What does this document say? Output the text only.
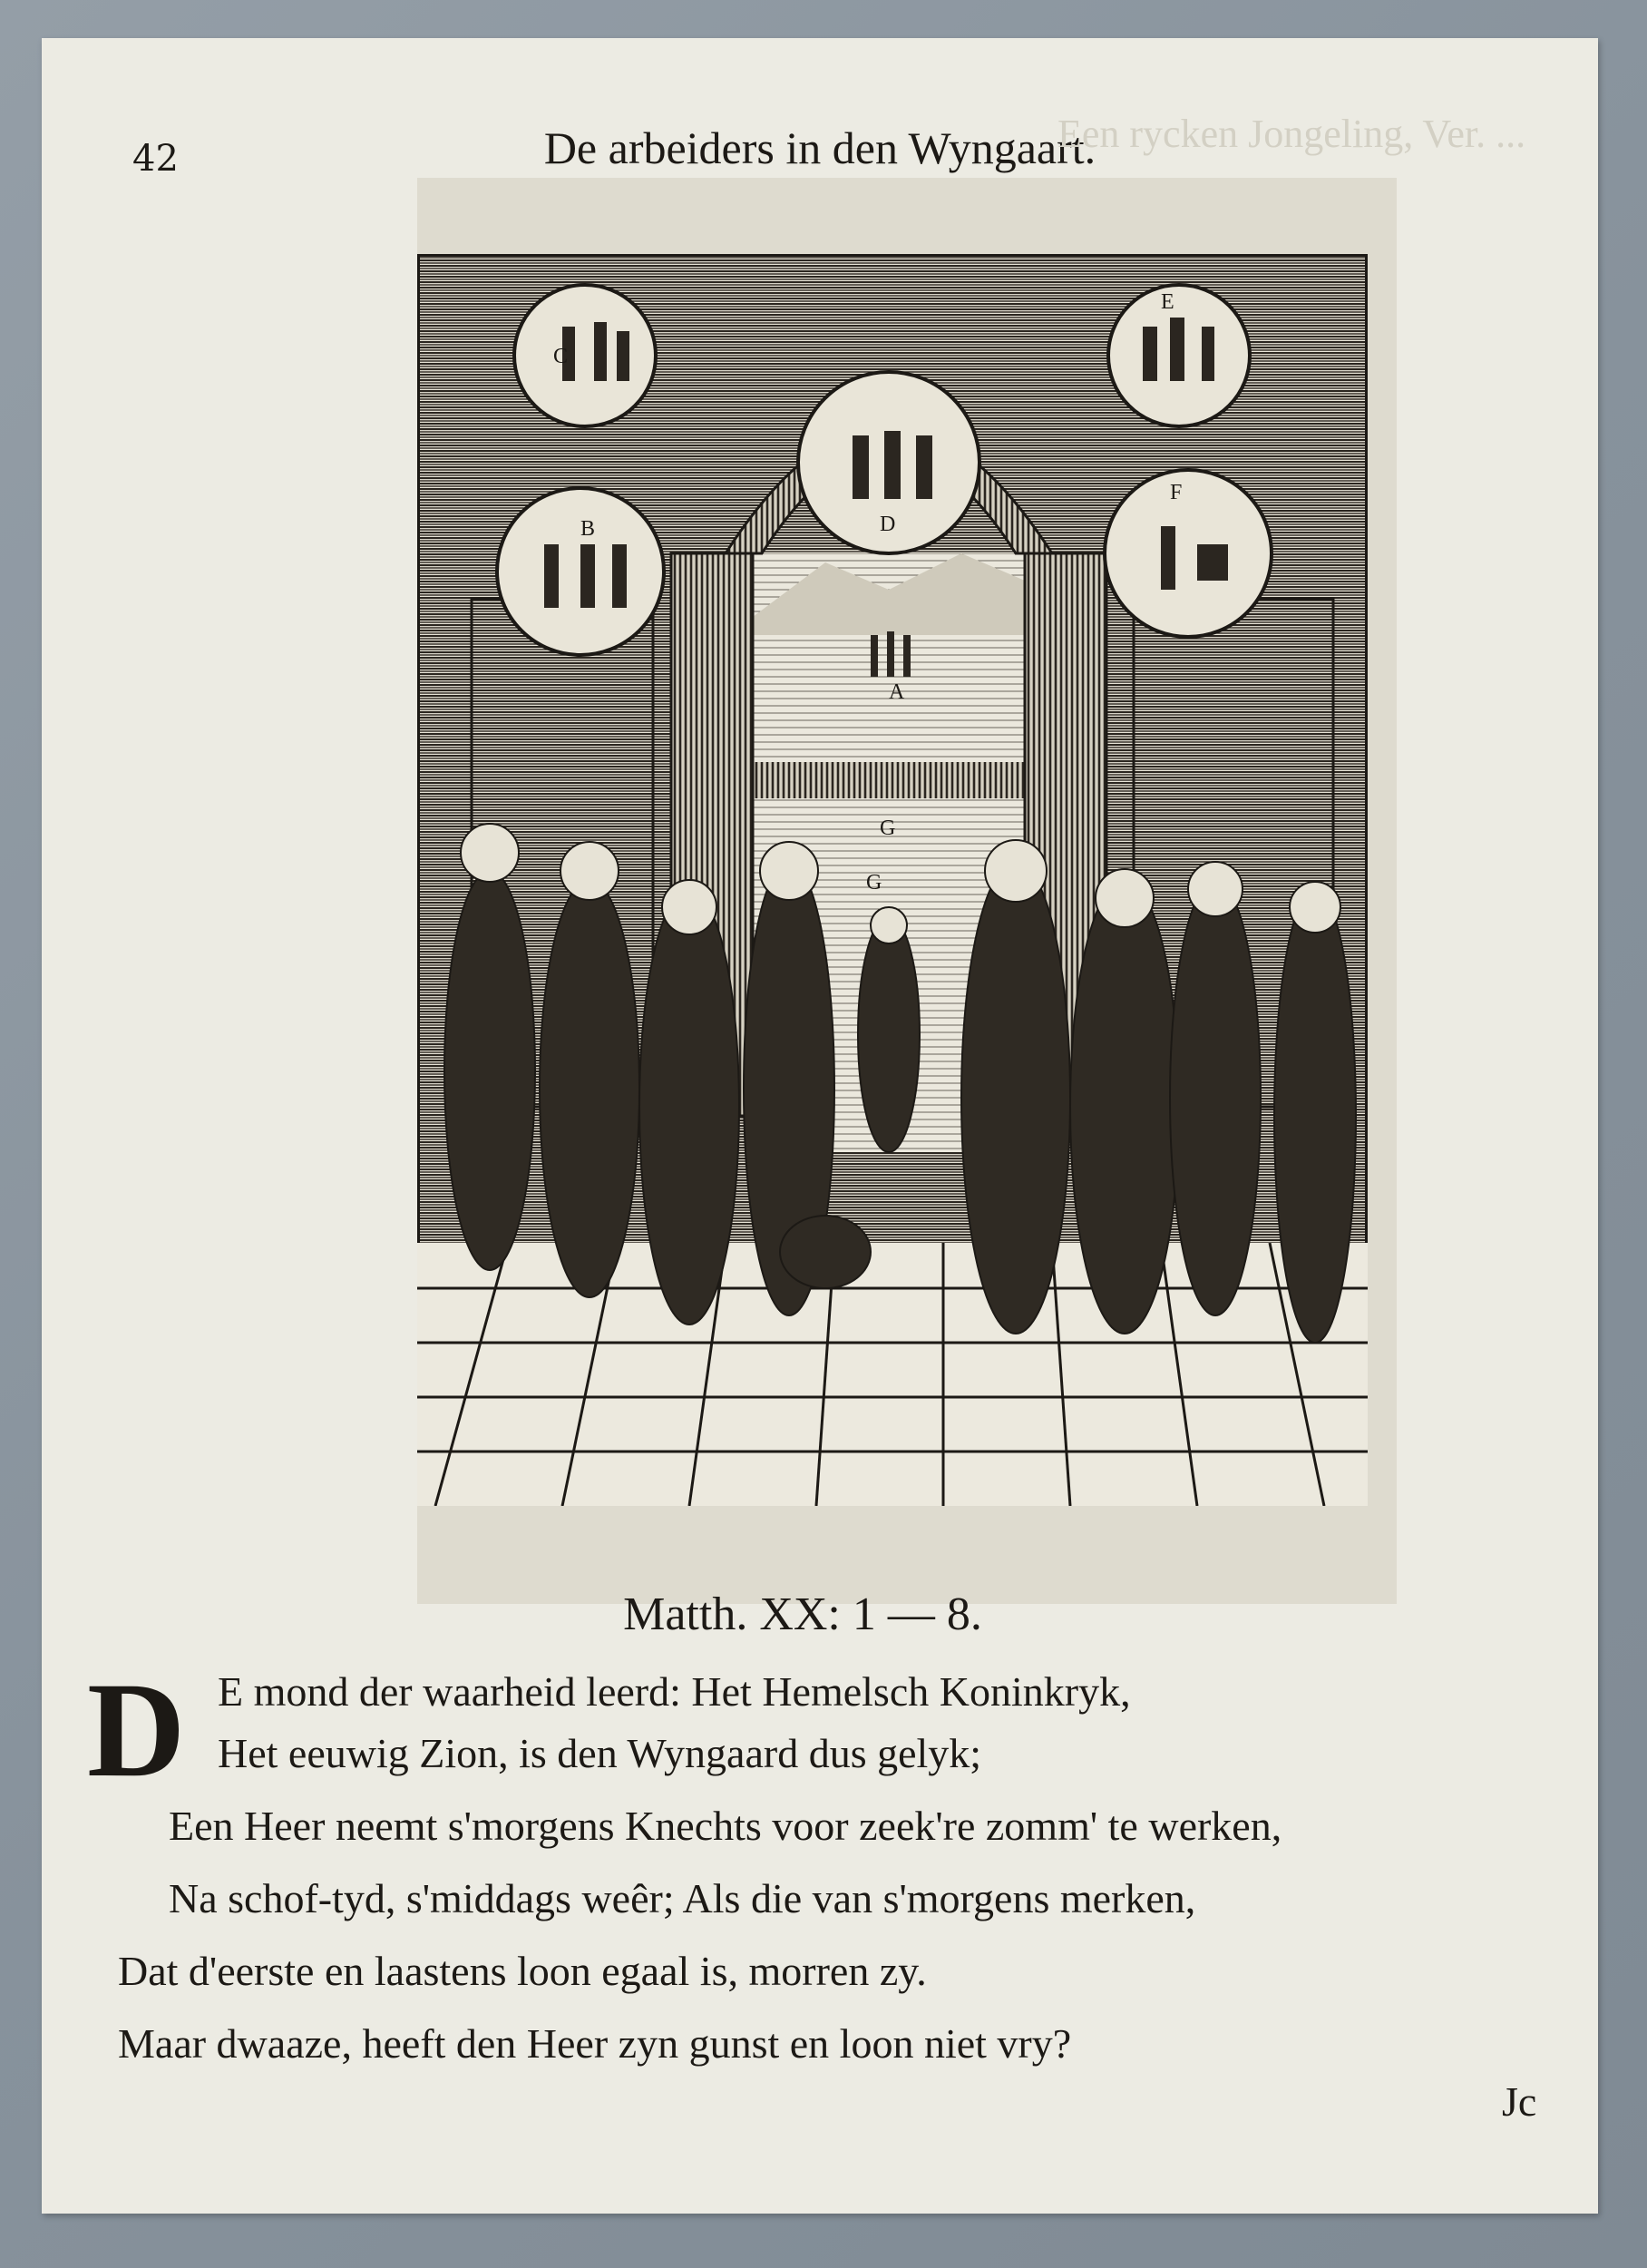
42	De arbeiders in den Wyngaart.
C
E
D
B
F
A
G
G
Een rycken Jongeling, Ver. ...
Matth. XX: 1 — 8.
D E mond der waarheid leerd: Het Hemelsch Koninkryk,
Het eeuwig Zion, is den Wyngaard dus gelyk;
Een Heer neemt s'morgens Knechts voor zeek're zomm' te werken,
Na schof-tyd, s'middags weêr; Als die van s'morgens merken,
Dat d'eerste en laastens loon egaal is, morren zy.
Maar dwaaze, heeft den Heer zyn gunst en loon niet vry?
Jc
